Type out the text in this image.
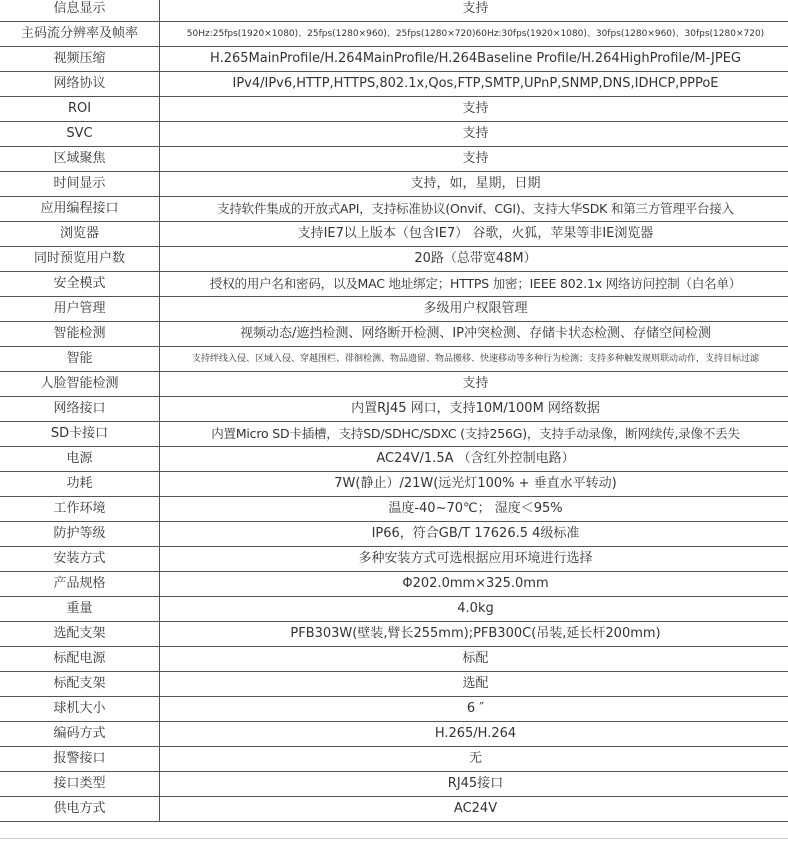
信息显示	支持
主码流分辨率及帧率	50Hz:25fps(1920×1080)、25fps(1280×960)、25fps(1280×720)60Hz:30fps(1920×1080)、30fps(1280×960)、30fps(1280×720)
视频压缩	H.265MainProfile/H.264MainProfile/H.264Baseline Profile/H.264HighProfile/M-JPEG
网络协议	IPv4/IPv6,HTTP,HTTPS,802.1x,Qos,FTP,SMTP,UPnP,SNMP,DNS,IDHCP,PPPoE
ROI	支持
SVC	支持
区域聚焦	支持
时间显示	支持，如，星期，日期
应用编程接口	支持软件集成的开放式API，支持标准协议(Onvif、CGI)、支持大华SDK 和第三方管理平台接入
浏览器	支持IE7以上版本（包含IE7） 谷歌，火狐，苹果等非IE浏览器
同时预览用户数	20路（总带宽48M）
安全模式	授权的用户名和密码，以及MAC 地址绑定；HTTPS 加密；IEEE 802.1x 网络访问控制（白名单）
用户管理	多级用户权限管理
智能检测	视频动态/遮挡检测、网络断开检测、IP冲突检测、存储卡状态检测、存储空间检测
智能	支持绊线入侵、区域入侵、穿越围栏、徘徊检测、物品遗留、物品搬移、快速移动等多种行为检测；支持多种触发规则联动动作，支持目标过滤
人脸智能检测	支持
网络接口	内置RJ45 网口，支持10M/100M 网络数据
SD卡接口	内置Micro SD卡插槽，支持SD/SDHC/SDXC (支持256G)，支持手动录像，断网续传,录像不丢失
电源	AC24V/1.5A （含红外控制电路）
功耗	7W(静止）/21W(远光灯100% + 垂直水平转动)
工作环境	温度-40~70℃； 湿度＜95%
防护等级	IP66，符合GB/T 17626.5 4级标准
安装方式	多种安装方式可选根据应用环境进行选择
产品规格	Φ202.0mm×325.0mm
重量	4.0kg
选配支架	PFB303W(壁装,臂长255mm);PFB300C(吊装,延长杆200mm)
标配电源	标配
标配支架	选配
球机大小	6 ″
编码方式	H.265/H.264
报警接口	无
接口类型	RJ45接口
供电方式	AC24V
